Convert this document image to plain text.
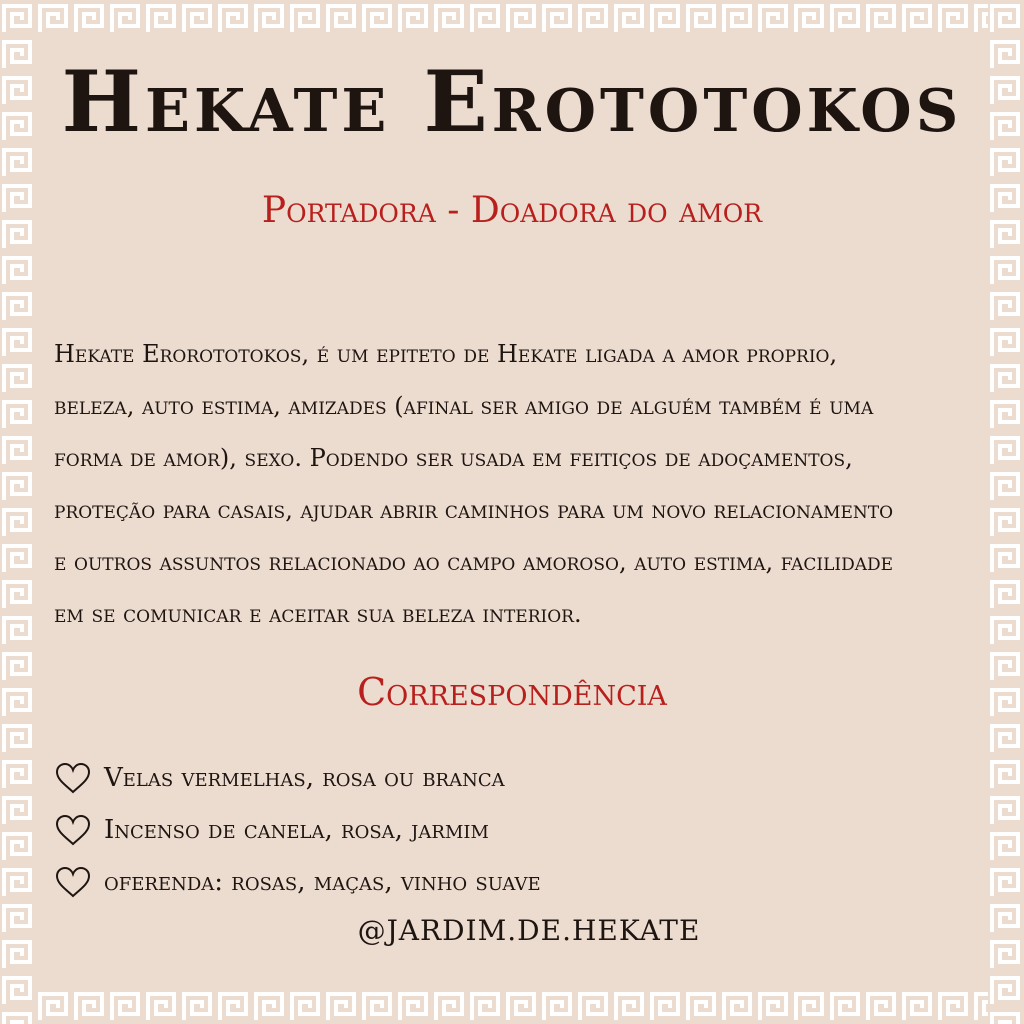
Hekate Erototokos
Portadora - Doadora do amor
Hekate Erorototokos, é um epiteto de Hekate ligada a amor proprio,
beleza, auto estima, amizades (afinal ser amigo de alguém também é uma
forma de amor), sexo. Podendo ser usada em feitiços de adoçamentos,
proteção para casais, ajudar abrir caminhos para um novo relacionamento
e outros assuntos relacionado ao campo amoroso, auto estima, facilidade
em se comunicar e aceitar sua beleza interior.
Correspondência
Velas vermelhas, rosa ou branca
Incenso de canela, rosa, jarmim
oferenda: rosas, maças, vinho suave
@JARDIM.DE.HEKATE
